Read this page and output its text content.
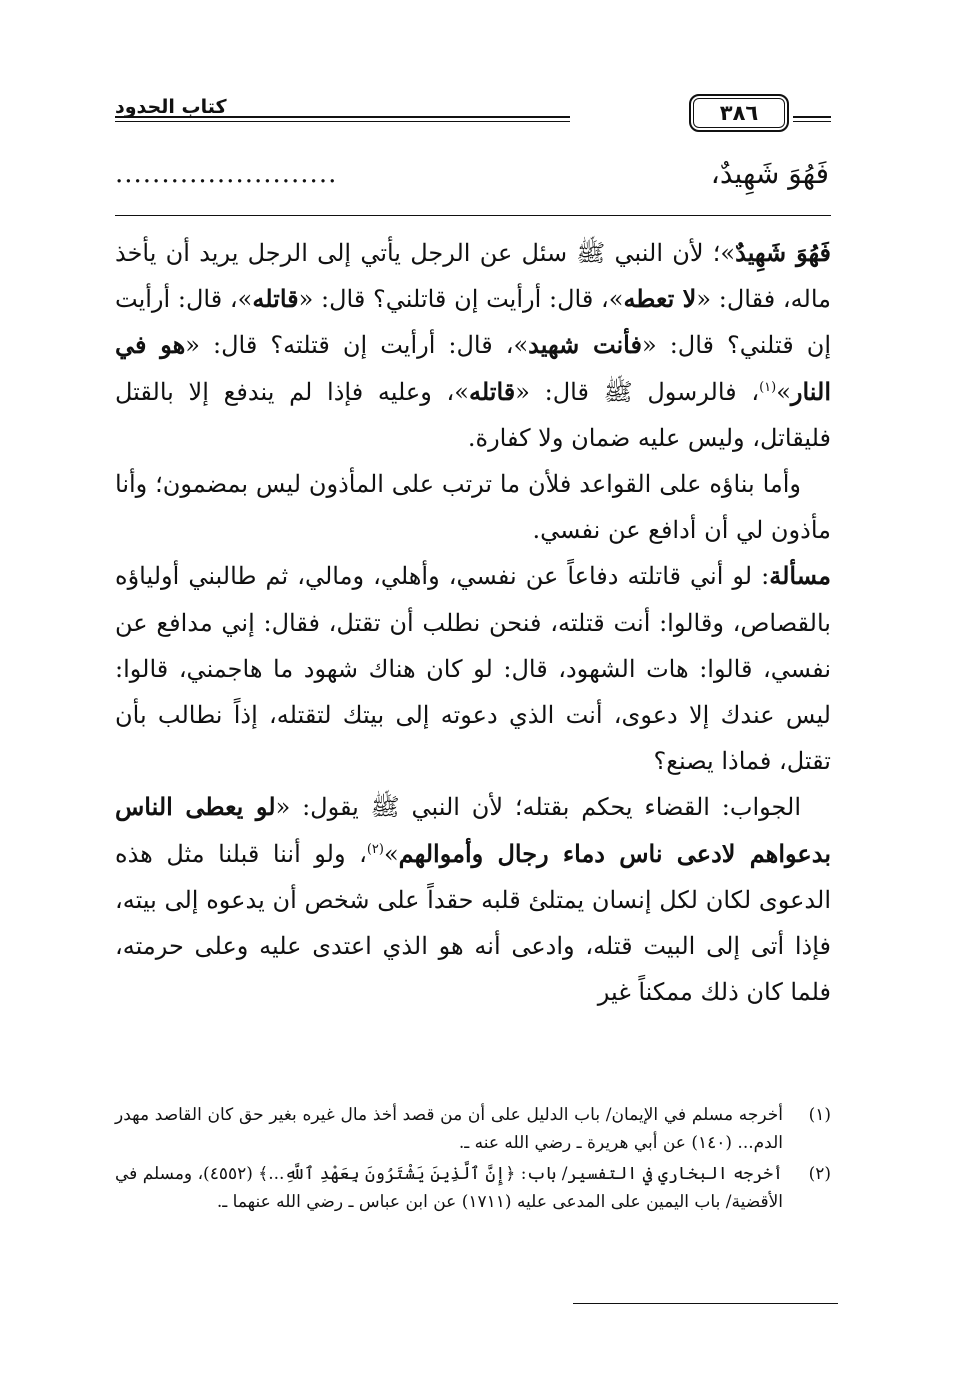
٣٨٦
كتاب الحدود
فَهُوَ شَهِيدٌ،
........................

فَهُوَ شَهِيدٌ»؛ لأن النبي ﷺ سئل عن الرجل يأتي إلى الرجل يريد أن يأخذ ماله، فقال: «لا تعطه»، قال: أرأيت إن قاتلني؟ قال: «قاتله»، قال: أرأيت إن قتلني؟ قال: «فأنت شهيد»، قال: أرأيت إن قتلته؟ قال: «هو في النار»$^{(١)}$، فالرسول ﷺ قال: «قاتله»، وعليه فإذا لم يندفع إلا بالقتل فليقاتل، وليس عليه ضمان ولا كفارة.

وأما بناؤه على القواعد فلأن ما ترتب على المأذون ليس بمضمون؛ وأنا مأذون لي أن أدافع عن نفسي.

مسألة: لو أني قاتلته دفاعاً عن نفسي، وأهلي، ومالي، ثم طالبني أولياؤه بالقصاص، وقالوا: أنت قتلته، فنحن نطلب أن تقتل، فقال: إني مدافع عن نفسي، قالوا: هات الشهود، قال: لو كان هناك شهود ما هاجمني، قالوا: ليس عندك إلا دعوى، أنت الذي دعوته إلى بيتك لتقتله، إذاً نطالب بأن تقتل، فماذا يصنع؟

الجواب: القضاء يحكم بقتله؛ لأن النبي ﷺ يقول: «لو يعطى الناس بدعواهم لادعى ناس دماء رجال وأموالهم»$^{(٢)}$، ولو أننا قبلنا مثل هذه الدعوى لكان لكل إنسان يمتلئ قلبه حقداً على شخص أن يدعوه إلى بيته، فإذا أتى إلى البيت قتله، وادعى أنه هو الذي اعتدى عليه وعلى حرمته، فلما كان ذلك ممكناً غير

(١)
أخرجه مسلم في الإيمان/ باب الدليل على أن من قصد أخذ مال غيره بغير حق كان القاصد مهدر الدم... (١٤٠) عن أبي هريرة ـ رضي الله عنه ـ.
(٢)
أخرجه البخاري في التفسير/ باب: ﴿إِنَّ ٱلَّذِينَ يَشْتَرُونَ بِعَهْدِ ٱللَّهِ...﴾ (٤٥٥٢)، ومسلم في الأقضية/ باب اليمين على المدعى عليه (١٧١١) عن ابن عباس ـ رضي الله عنهما ـ.
